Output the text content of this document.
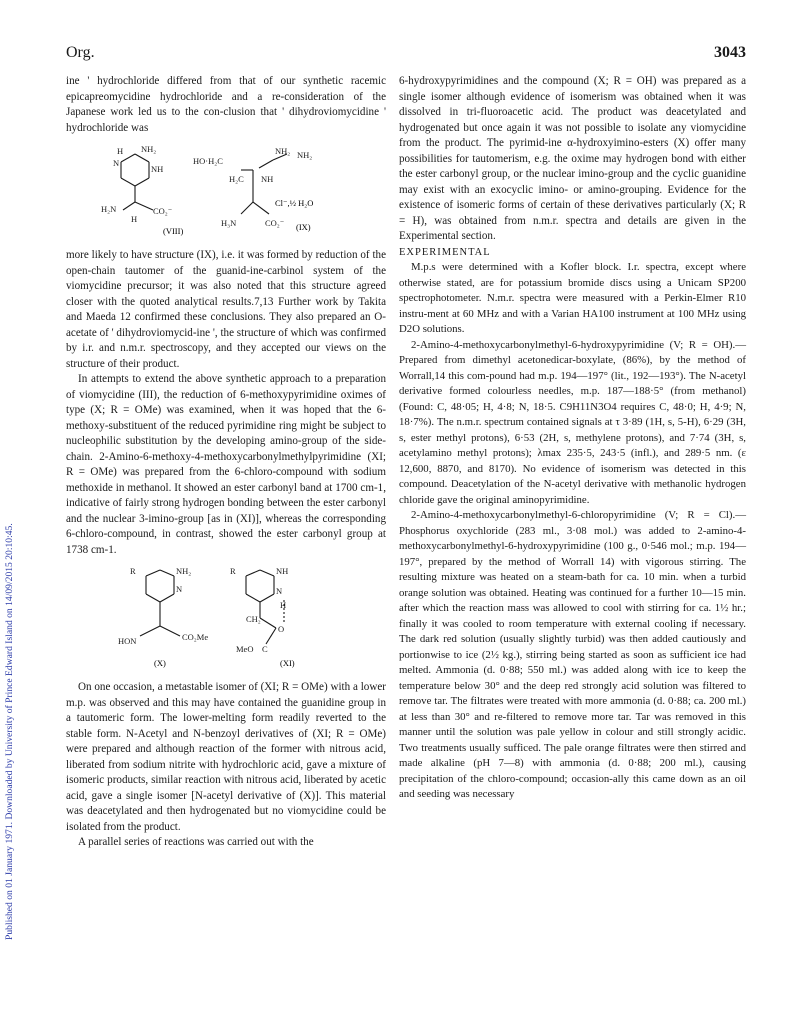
Org.	3043
Published on 01 January 1971. Downloaded by University of Prince Edward Island on 14/09/2015 20:10:45.

ine ' hydrochloride differed from that of our synthetic racemic epicapreomycidine hydrochloride and a re-consideration of the Japanese work led us to the con-clusion that ' dihydroviomycidine ' hydrochloride was

H NH₂
N
NH
H₂N	CO₂⁻
H
HO·H₂C
H₂C NH
NH₂ NH₂
H₃N	CO₂⁻
(VIII)	(IX)
Cl⁻,½ H₂O

more likely to have structure (IX), i.e. it was formed by reduction of the open-chain tautomer of the guanid-ine-carbinol system of the viomycidine precursor; it was also noted that this structure agreed closer with the quoted analytical results.7,13 Further work by Takita and Maeda 12 confirmed these conclusions. They also prepared an O-acetate of ' dihydroviomycid-ine ', the structure of which was confirmed by i.r. and n.m.r. spectroscopy, and they accepted our views on the structure of their product.

In attempts to extend the above synthetic approach to a preparation of viomycidine (III), the reduction of 6-methoxypyrimidine oximes of type (X; R = OMe) was examined, when it was hoped that the 6-methoxy-substituent of the reduced pyrimidine ring might be subject to nucleophilic substitution by the developing amino-group of the side-chain. 2-Amino-6-methoxy-4-methoxycarbonylmethylpyrimidine (XI; R = OMe) was prepared from the 6-chloro-compound with sodium methoxide in methanol. It showed an ester carbonyl band at 1700 cm-1, indicative of fairly strong hydrogen bonding between the ester carbonyl and the nuclear 3-imino-group [as in (XI)], whereas the corresponding 6-chloro-compound, in contrast, showed the ester carbonyl group at 1738 cm-1.

R	NH₂
N
HON	CO₂Me
R	NH
N
H
CH₂
O
MeO C
(X)	(XI)

On one occasion, a metastable isomer of (XI; R = OMe) with a lower m.p. was observed and this may have contained the guanidine group in a tautomeric form. The lower-melting form readily reverted to the stable form. N-Acetyl and N-benzoyl derivatives of (XI; R = OMe) were prepared and although reaction of the former with nitrous acid, liberated from sodium nitrite with hydrochloric acid, gave a mixture of isomeric products, similar reaction with nitrous acid, liberated by acetic acid, gave a single isomer [N-acetyl derivative of (X)]. This material was deacetylated and then hydrogenated but no viomycidine could be isolated from the product.

A parallel series of reactions was carried out with the

6-hydroxypyrimidines and the compound (X; R = OH) was prepared as a single isomer although evidence of isomerism was obtained when it was dissolved in tri-fluoroacetic acid. The product was deacetylated and hydrogenated but once again it was not possible to isolate any viomycidine from the product. The pyrimid-ine α-hydroxyimino-esters (X) offer many possibilities for tautomerism, e.g. the oxime may hydrogen bond with either the ester carbonyl group, or the nuclear imino-group and the cyclic guanidine may exist with an exocyclic imino- or amino-grouping. Evidence for the existence of isomeric forms of certain of these derivatives particularly (X; R = H), was obtained from n.m.r. spectra and details are given in the Experimental section.

EXPERIMENTAL

M.p.s were determined with a Kofler block. I.r. spectra, except where otherwise stated, are for potassium bromide discs using a Unicam SP200 spectrophotometer. N.m.r. spectra were measured with a Perkin-Elmer R10 instru-ment at 60 MHz and with a Varian HA100 instrument at 100 MHz using D2O solutions.

2-Amino-4-methoxycarbonylmethyl-6-hydroxypyrimidine (V; R = OH).—Prepared from dimethyl acetonedicar-boxylate, (86%), by the method of Worrall,14 this com-pound had m.p. 194—197° (lit., 192—193°). The N-acetyl derivative formed colourless needles, m.p. 187—188·5° (from methanol) (Found: C, 48·05; H, 4·8; N, 18·5. C9H11N3O4 requires C, 48·0; H, 4·9; N, 18·7%). The n.m.r. spectrum contained signals at τ 3·89 (1H, s, 5-H), 6·29 (3H, s, ester methyl protons), 6·53 (2H, s, methylene protons), and 7·74 (3H, s, acetylamino methyl protons); λmax 235·5, 243·5 (infl.), and 289·5 nm. (ε 12,600, 8870, and 8170). No evidence of isomerism was detected in this compound. Deacetylation of the N-acetyl derivative with methanolic hydrogen chloride gave the original aminopyrimidine.

2-Amino-4-methoxycarbonylmethyl-6-chloropyrimidine (V; R = Cl).—Phosphorus oxychloride (283 ml., 3·08 mol.) was added to 2-amino-4-methoxycarbonylmethyl-6-hydroxypyrimidine (100 g., 0·546 mol.; m.p. 194—197°, prepared by the method of Worrall 14) with vigorous stirring. The resulting mixture was heated on a steam-bath for ca. 10 min. when a turbid orange solution was obtained. Heating was continued for a further 10—15 min. after which the reaction mass was allowed to cool with stirring for ca. 1½ hr.; finally it was cooled to room temperature with external cooling if necessary. The dark red solution (usually slightly turbid) was then added cautiously and portionwise to ice (2½ kg.), stirring being started as soon as sufficient ice had melted. Ammonia (d. 0·88; 550 ml.) was added along with ice to keep the temperature below 30° and the deep red strongly acid solution was filtered to remove tar. The filtrates were treated with more ammonia (d. 0·88; ca. 200 ml.) at less than 30° and re-filtered to remove more tar. Tar was removed in this manner until the solution was pale yellow in colour and still strongly acidic. Two treatments usually sufficed. The pale orange filtrates were then stirred and made alkaline (pH 7—8) with ammonia (d. 0·88; 200 ml.), causing precipitation of the chloro-compound; occasion-ally this came down as an oil and seeding was necessary
